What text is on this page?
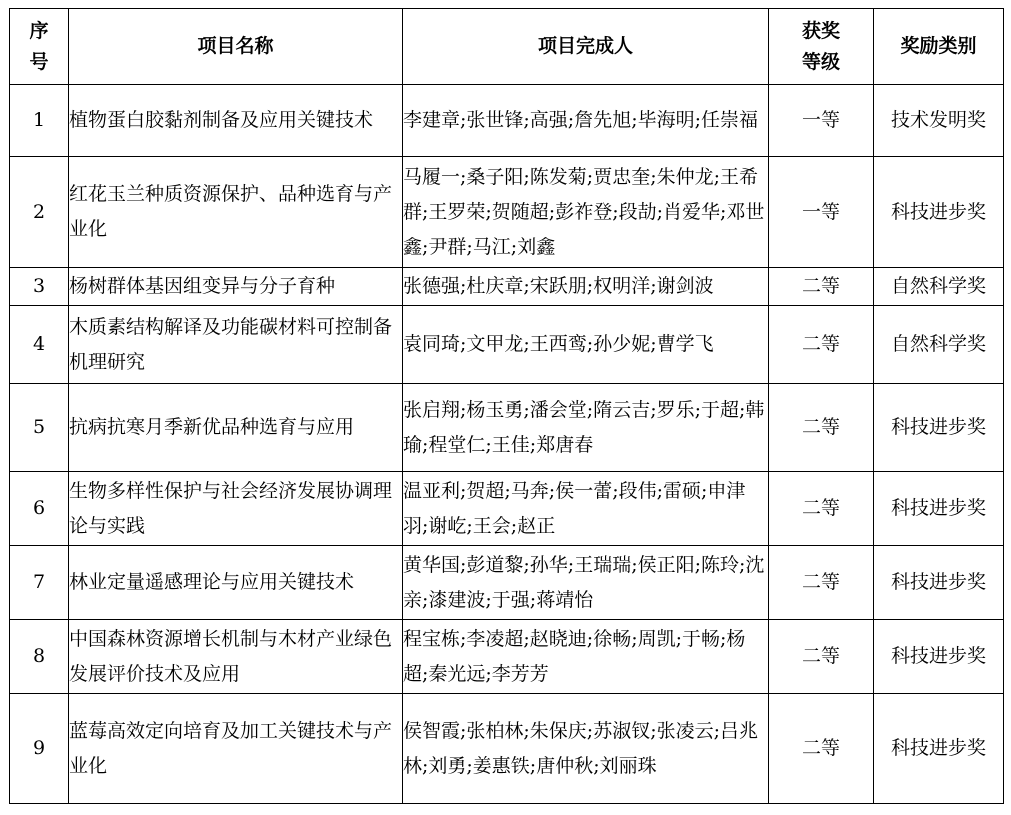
序号	项目名称	项目完成人	获奖等级	奖励类别
1	植物蛋白胶黏剂制备及应用关键技术	李建章;张世锋;高强;詹先旭;毕海明;任崇福	一等	技术发明奖
2	红花玉兰种质资源保护、品种选育与产业化	马履一;桑子阳;陈发菊;贾忠奎;朱仲龙;王希群;王罗荣;贺随超;彭祚登;段劼;肖爱华;邓世鑫;尹群;马江;刘鑫	一等	科技进步奖
3	杨树群体基因组变异与分子育种	张德强;杜庆章;宋跃朋;权明洋;谢剑波	二等	自然科学奖
4	木质素结构解译及功能碳材料可控制备机理研究	袁同琦;文甲龙;王西鸾;孙少妮;曹学飞	二等	自然科学奖
5	抗病抗寒月季新优品种选育与应用	张启翔;杨玉勇;潘会堂;隋云吉;罗乐;于超;韩瑜;程堂仁;王佳;郑唐春	二等	科技进步奖
6	生物多样性保护与社会经济发展协调理论与实践	温亚利;贺超;马奔;侯一蕾;段伟;雷硕;申津羽;谢屹;王会;赵正	二等	科技进步奖
7	林业定量遥感理论与应用关键技术	黄华国;彭道黎;孙华;王瑞瑞;侯正阳;陈玲;沈亲;漆建波;于强;蒋靖怡	二等	科技进步奖
8	中国森林资源增长机制与木材产业绿色发展评价技术及应用	程宝栋;李凌超;赵晓迪;徐畅;周凯;于畅;杨超;秦光远;李芳芳	二等	科技进步奖
9	蓝莓高效定向培育及加工关键技术与产业化	侯智霞;张柏林;朱保庆;苏淑钗;张凌云;吕兆林;刘勇;姜惠铁;唐仲秋;刘丽珠	二等	科技进步奖
